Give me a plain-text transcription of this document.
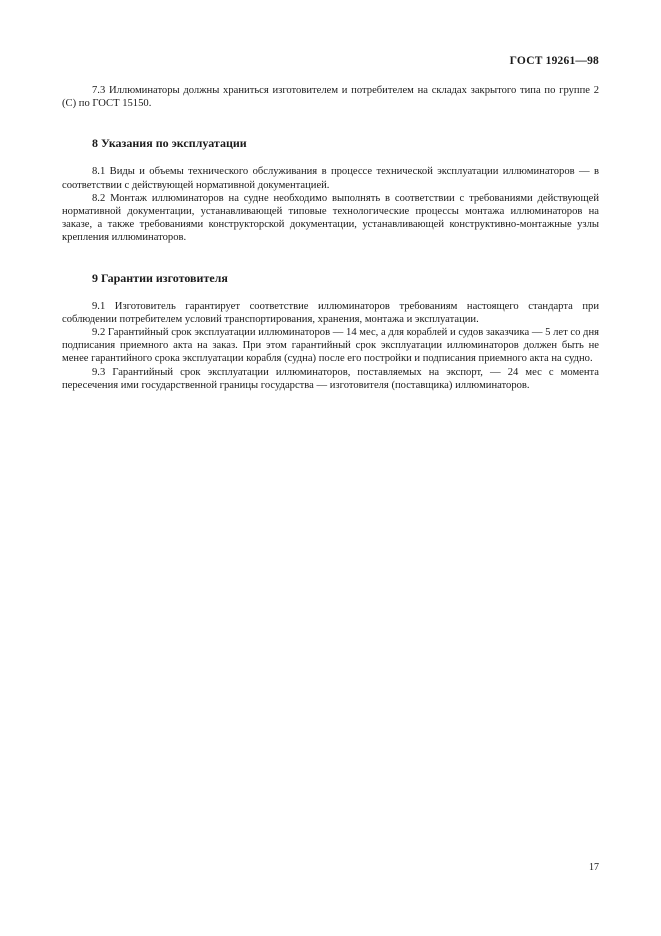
ГОСТ 19261—98

7.3 Иллюминаторы должны храниться изготовителем и потребителем на складах закрытого типа по группе 2 (С) по ГОСТ 15150.

8 Указания по эксплуатации

8.1 Виды и объемы технического обслуживания в процессе технической эксплуатации иллюминаторов — в соответствии с действующей нормативной документацией.

8.2 Монтаж иллюминаторов на судне необходимо выполнять в соответствии с требованиями действующей нормативной документации, устанавливающей типовые технологические процессы монтажа иллюминаторов на заказе, а также требованиями конструкторской документации, устанавливающей конструктивно-монтажные узлы крепления иллюминаторов.

9 Гарантии изготовителя

9.1 Изготовитель гарантирует соответствие иллюминаторов требованиям настоящего стандарта при соблюдении потребителем условий транспортирования, хранения, монтажа и эксплуатации.

9.2 Гарантийный срок эксплуатации иллюминаторов — 14 мес, а для кораблей и судов заказчика — 5 лет со дня подписания приемного акта на заказ. При этом гарантийный срок эксплуатации иллюминаторов должен быть не менее гарантийного срока эксплуатации корабля (судна) после его постройки и подписания приемного акта на судно.

9.3 Гарантийный срок эксплуатации иллюминаторов, поставляемых на экспорт, — 24 мес с момента пересечения ими государственной границы государства — изготовителя (поставщика) иллюминаторов.

17
